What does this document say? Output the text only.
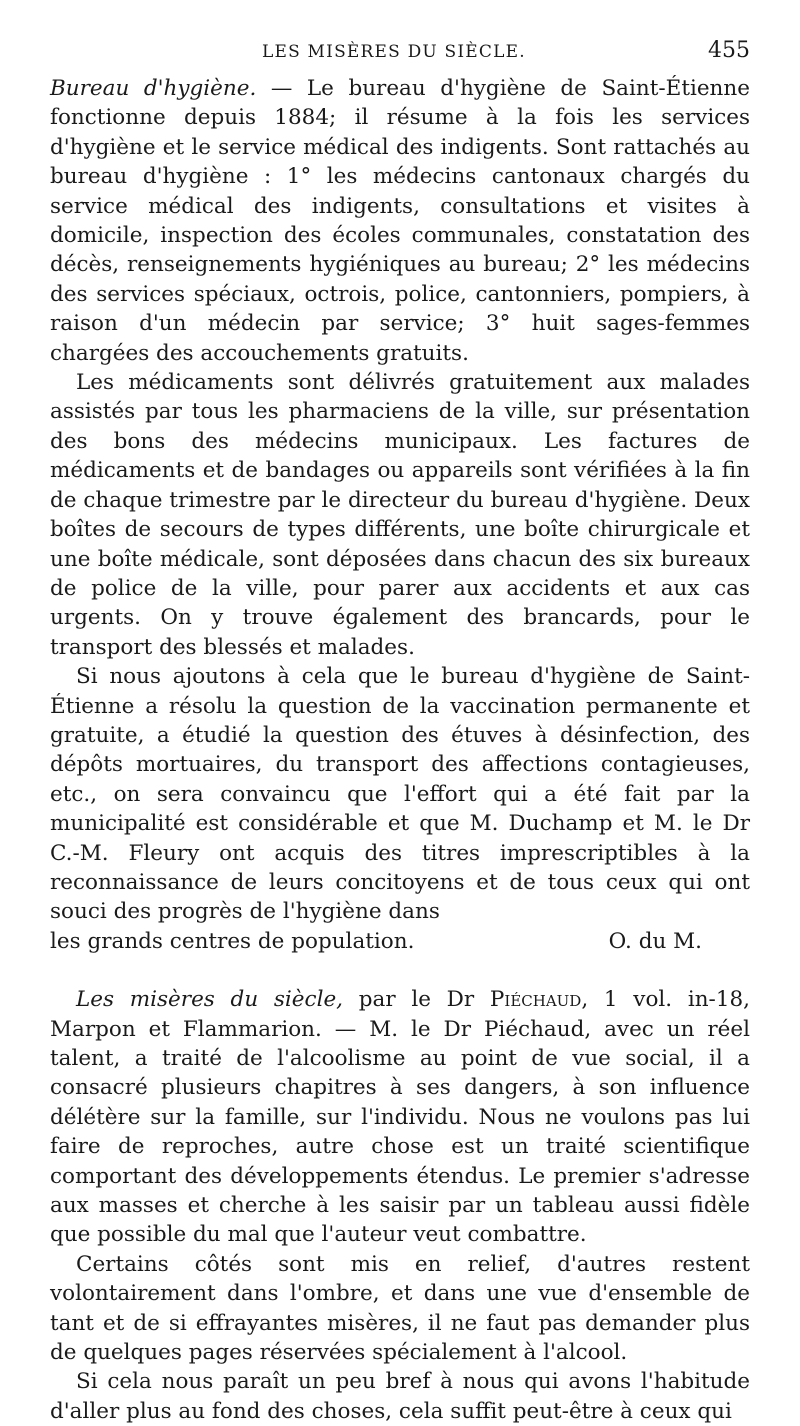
LES MISÈRES DU SIÈCLE.	455

Bureau d'hygiène. — Le bureau d'hygiène de Saint-Étienne fonctionne depuis 1884; il résume à la fois les services d'hygiène et le service médical des indigents. Sont rattachés au bureau d'hygiène : 1° les médecins cantonaux chargés du service médical des indigents, consultations et visites à domicile, inspection des écoles communales, constatation des décès, renseignements hygiéniques au bureau; 2° les médecins des services spéciaux, octrois, police, cantonniers, pompiers, à raison d'un médecin par service; 3° huit sages-femmes chargées des accouchements gratuits.

Les médicaments sont délivrés gratuitement aux malades assistés par tous les pharmaciens de la ville, sur présentation des bons des médecins municipaux. Les factures de médicaments et de bandages ou appareils sont vérifiées à la fin de chaque trimestre par le directeur du bureau d'hygiène. Deux boîtes de secours de types différents, une boîte chirurgicale et une boîte médicale, sont déposées dans chacun des six bureaux de police de la ville, pour parer aux accidents et aux cas urgents. On y trouve également des brancards, pour le transport des blessés et malades.

Si nous ajoutons à cela que le bureau d'hygiène de Saint-Étienne a résolu la question de la vaccination permanente et gratuite, a étudié la question des étuves à désinfection, des dépôts mortuaires, du transport des affections contagieuses, etc., on sera convaincu que l'effort qui a été fait par la municipalité est considérable et que M. Duchamp et M. le Dr C.-M. Fleury ont acquis des titres imprescriptibles à la reconnaissance de leurs concitoyens et de tous ceux qui ont souci des progrès de l'hygiène dans

les grands centres de population.	O. du M.

Les misères du siècle, par le Dr Piéchaud, 1 vol. in-18, Marpon et Flammarion. — M. le Dr Piéchaud, avec un réel talent, a traité de l'alcoolisme au point de vue social, il a consacré plusieurs chapitres à ses dangers, à son influence délétère sur la famille, sur l'individu. Nous ne voulons pas lui faire de reproches, autre chose est un traité scientifique comportant des développements étendus. Le premier s'adresse aux masses et cherche à les saisir par un tableau aussi fidèle que possible du mal que l'auteur veut combattre.

Certains côtés sont mis en relief, d'autres restent volontairement dans l'ombre, et dans une vue d'ensemble de tant et de si effrayantes misères, il ne faut pas demander plus de quelques pages réservées spécialement à l'alcool.

Si cela nous paraît un peu bref à nous qui avons l'habitude d'aller plus au fond des choses, cela suffit peut-être à ceux qui
